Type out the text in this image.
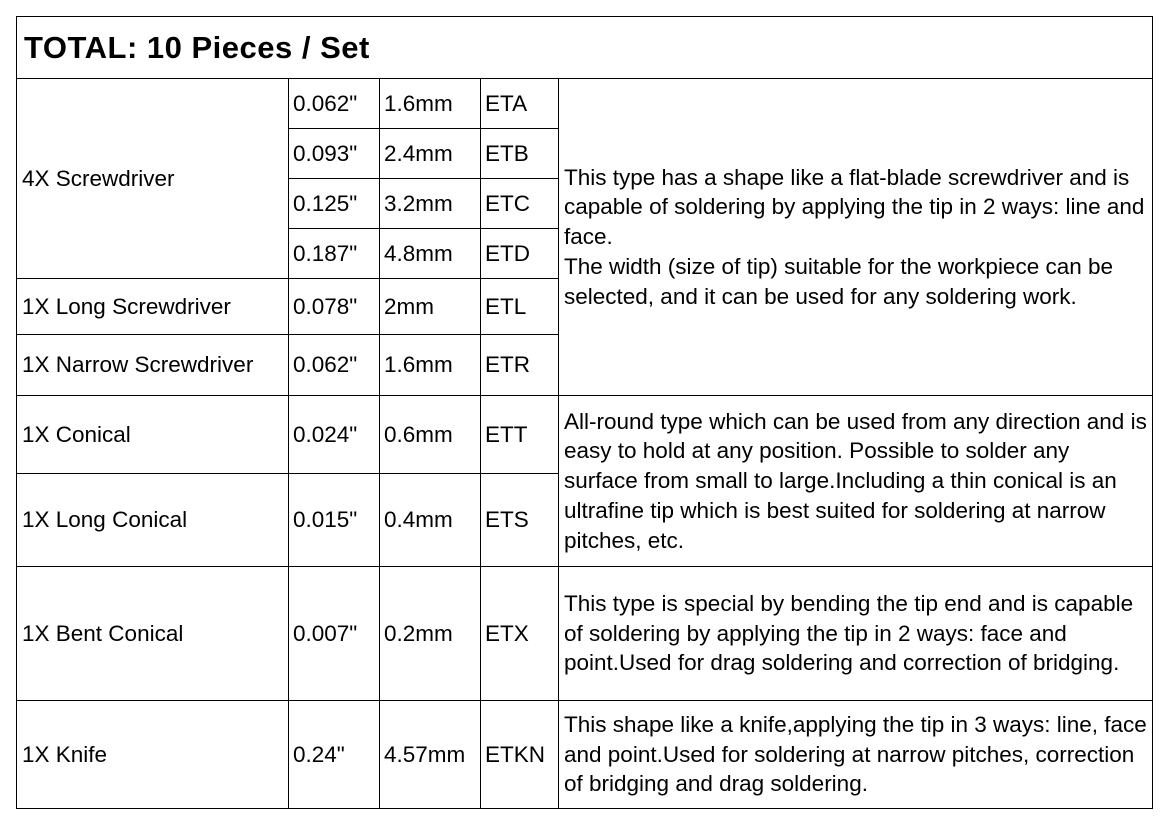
TOTAL: 10 Pieces / Set				
4X Screwdriver	0.062"	1.6mm	ETA	This type has a shape like a flat-blade screwdriver and is capable of soldering by applying the tip in 2 ways: line and face.
The width (size of tip) suitable for the workpiece can be selected, and it can be used for any soldering work.

	0.093"	2.4mm	ETB	
	0.125"	3.2mm	ETC	
	0.187"	4.8mm	ETD	
1X Long Screwdriver	0.078"	2mm	ETL	
1X Narrow Screwdriver	0.062"	1.6mm	ETR	
1X Conical	0.024"	0.6mm	ETT	All-round type which can be used from any direction and is easy to hold at any position. Possible to solder any surface from small to large.Including a thin conical is an ultrafine tip which is best suited for soldering at narrow pitches, etc.
1X Long Conical	0.015"	0.4mm	ETS	
1X Bent Conical	0.007"	0.2mm	ETX	This type is special by bending the tip end and is capable of soldering by applying the tip in 2 ways: face and point.Used for drag soldering and correction of bridging.
1X Knife	0.24"	4.57mm	ETKN	This shape like a knife,applying the tip in 3 ways: line, face and point.Used for soldering at narrow pitches, correction of bridging and drag soldering.
